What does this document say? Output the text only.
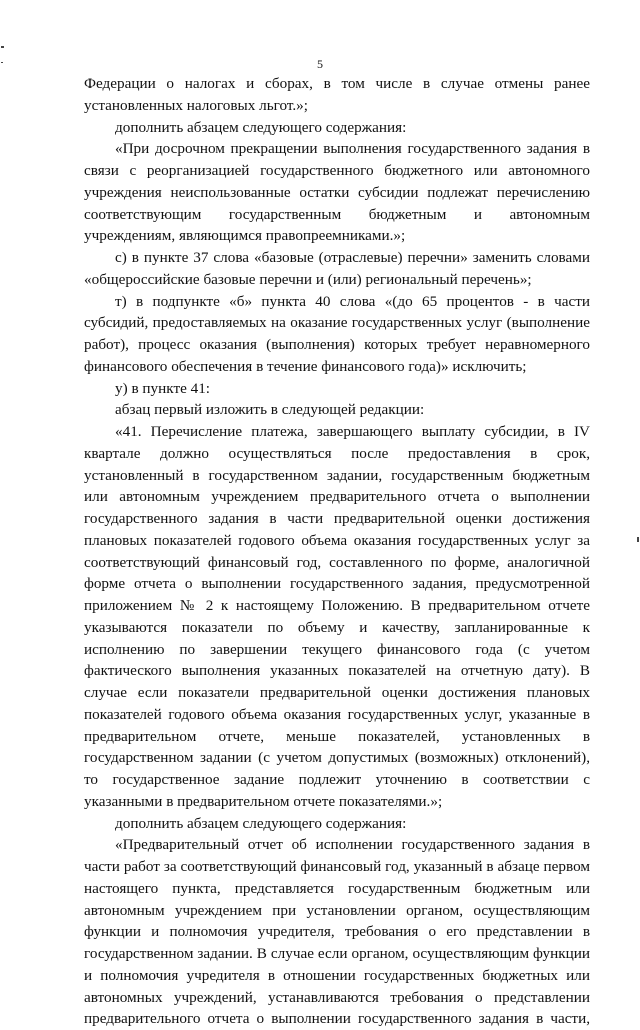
5
Федерации о налогах и сборах, в том числе в случае отмены ранее
установленных налоговых льгот.»;
дополнить абзацем следующего содержания:
«При досрочном прекращении выполнения государственного задания в
связи с реорганизацией государственного бюджетного или автономного
учреждения неиспользованные остатки субсидии подлежат перечислению
соответствующим государственным бюджетным и автономным
учреждениям, являющимся правопреемниками.»;
с) в пункте 37 слова «базовые (отраслевые) перечни» заменить словами
«общероссийские базовые перечни и (или) региональный перечень»;
т) в подпункте «б» пункта 40 слова «(до 65 процентов - в части
субсидий, предоставляемых на оказание государственных услуг (выполнение
работ), процесс оказания (выполнения) которых требует неравномерного
финансового обеспечения в течение финансового года)» исключить;
у) в пункте 41:
абзац первый изложить в следующей редакции:
«41. Перечисление платежа, завершающего выплату субсидии, в IV
квартале должно осуществляться после предоставления в срок,
установленный в государственном задании, государственным бюджетным
или автономным учреждением предварительного отчета о выполнении
государственного задания в части предварительной оценки достижения
плановых показателей годового объема оказания государственных услуг за
соответствующий финансовый год, составленного по форме, аналогичной
форме отчета о выполнении государственного задания, предусмотренной
приложением № 2 к настоящему Положению. В предварительном отчете
указываются показатели по объему и качеству, запланированные к
исполнению по завершении текущего финансового года (с учетом
фактического выполнения указанных показателей на отчетную дату). В
случае если показатели предварительной оценки достижения плановых
показателей годового объема оказания государственных услуг, указанные в
предварительном отчете, меньше показателей, установленных в
государственном задании (с учетом допустимых (возможных) отклонений),
то государственное задание подлежит уточнению в соответствии с
указанными в предварительном отчете показателями.»;
дополнить абзацем следующего содержания:
«Предварительный отчет об исполнении государственного задания в
части работ за соответствующий финансовый год, указанный в абзаце первом
настоящего пункта, представляется государственным бюджетным или
автономным учреждением при установлении органом, осуществляющим
функции и полномочия учредителя, требования о его представлении в
государственном задании. В случае если органом, осуществляющим функции
и полномочия учредителя в отношении государственных бюджетных или
автономных учреждений, устанавливаются требования о представлении
предварительного отчета о выполнении государственного задания в части,
